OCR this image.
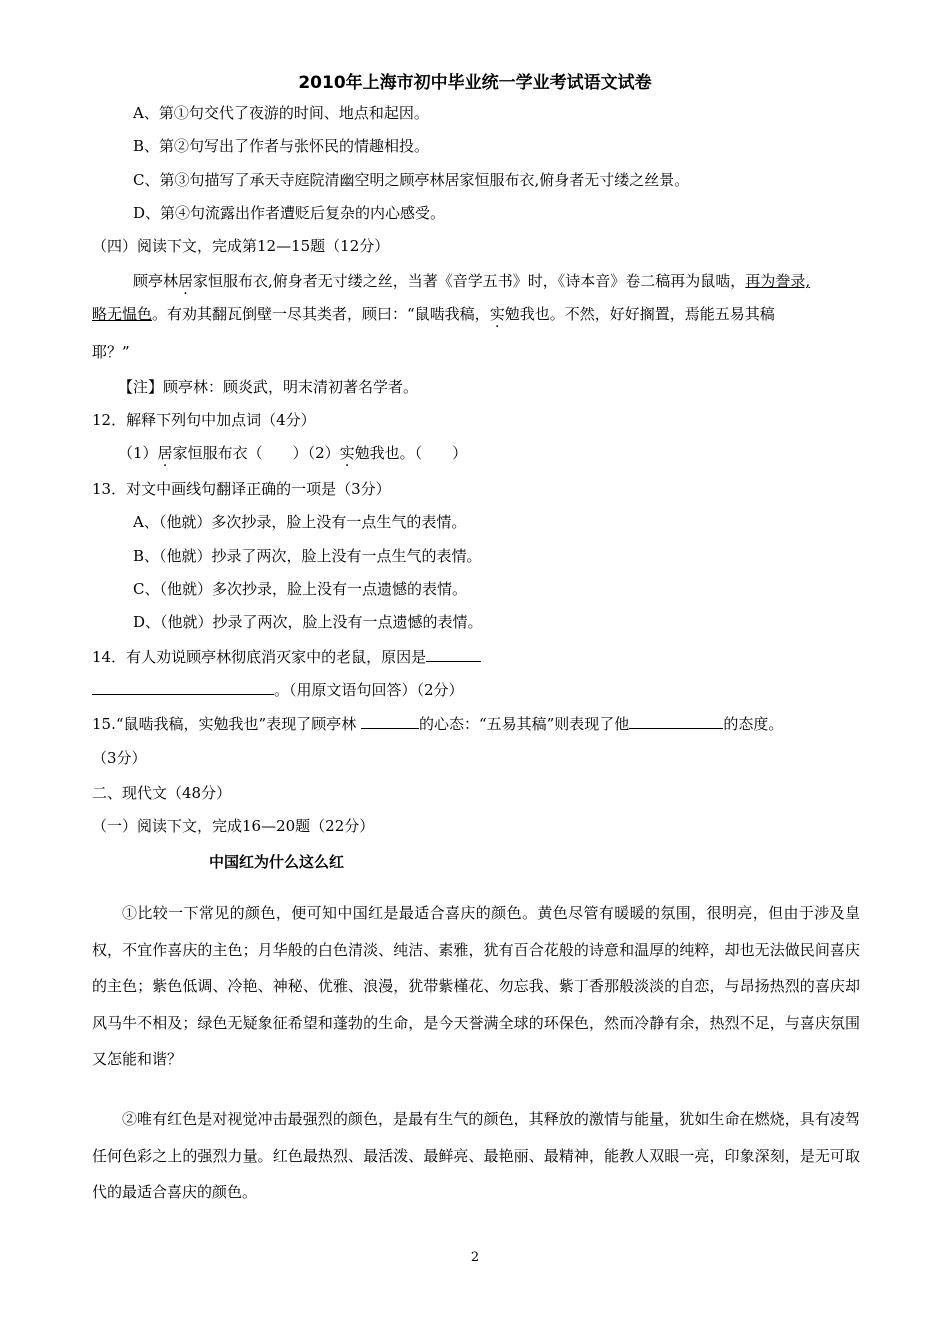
2010年上海市初中毕业统一学业考试语文试卷
A、第①句交代了夜游的时间、地点和起因。
B、第②句写出了作者与张怀民的情趣相投。
C、第③句描写了承天寺庭院清幽空明之顾亭林居家恒服布衣,俯身者无寸缕之丝景。
D、第④句流露出作者遭贬后复杂的内心感受。
（四）阅读下文，完成第12—15题（12分）
顾亭林居家恒服布衣,俯身者无寸缕之丝，当著《音学五书》时，《诗本音》卷二稿再为鼠啮，再为誊录,
略无愠色。有劝其翻瓦倒壁一尽其类者，顾曰：“鼠啮我稿，实勉我也。不然，好好搁置，焉能五易其稿
耶？”
【注】顾亭林：顾炎武，明末清初著名学者。
12．解释下列句中加点词（4分）
（1）居家恒服布衣（　　）（2）实勉我也。（　　）
13．对文中画线句翻译正确的一项是（3分）
A、（他就）多次抄录，脸上没有一点生气的表情。
B、（他就）抄录了两次，脸上没有一点生气的表情。
C、（他就）多次抄录，脸上没有一点遗憾的表情。
D、（他就）抄录了两次，脸上没有一点遗憾的表情。
14．有人劝说顾亭林彻底消灭家中的老鼠，原因是
。（用原文语句回答）（2分）
15.“鼠啮我稿，实勉我也”表现了顾亭林	的心态：“五易其稿”则表现了他	的态度。
（3分）
二、现代文（48分）
（一）阅读下文，完成16—20题（22分）
中国红为什么这么红
①比较一下常见的颜色，便可知中国红是最适合喜庆的颜色。黄色尽管有暖暖的氛围，很明亮，但由于涉及皇权，不宜作喜庆的主色；月华般的白色清淡、纯洁、素雅，犹有百合花般的诗意和温厚的纯粹，却也无法做民间喜庆的主色；紫色低调、冷艳、神秘、优雅、浪漫，犹带紫槿花、勿忘我、紫丁香那般淡淡的自恋，与昂扬热烈的喜庆却风马牛不相及；绿色无疑象征希望和蓬勃的生命，是今天誉满全球的环保色，然而冷静有余，热烈不足，与喜庆氛围又怎能和谐？
②唯有红色是对视觉冲击最强烈的颜色，是最有生气的颜色，其释放的激情与能量，犹如生命在燃烧，具有凌驾任何色彩之上的强烈力量。红色最热烈、最活泼、最鲜亮、最艳丽、最精神，能教人双眼一亮，印象深刻，是无可取代的最适合喜庆的颜色。
2
